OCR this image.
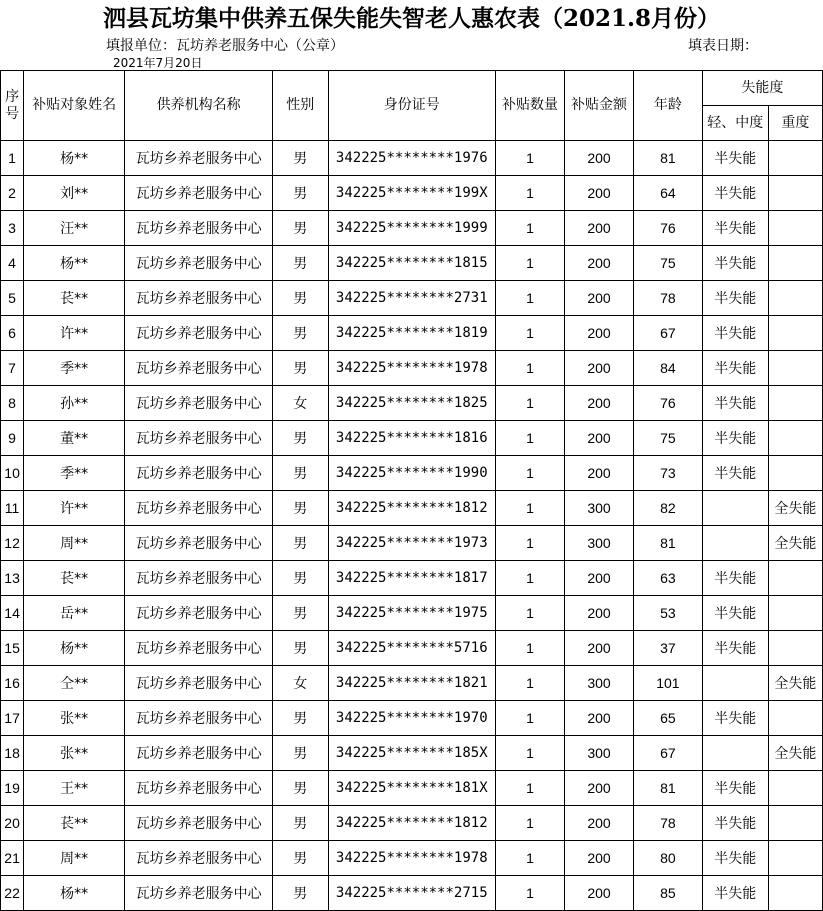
泗县瓦坊集中供养五保失能失智老人惠农表（2021.8月份）
填报单位：瓦坊养老服务中心（公章）	填表日期：
2021年7月20日
序号	补贴对象姓名	供养机构名称	性别	身份证号	补贴数量	补贴金额	年龄	失能度	
								轻、中度	重度
1	杨**	瓦坊乡养老服务中心	男	342225********1976	1	200	81	半失能	
2	刘**	瓦坊乡养老服务中心	男	342225********199X	1	200	64	半失能	
3	汪**	瓦坊乡养老服务中心	男	342225********1999	1	200	76	半失能	
4	杨**	瓦坊乡养老服务中心	男	342225********1815	1	200	75	半失能	
5	苌**	瓦坊乡养老服务中心	男	342225********2731	1	200	78	半失能	
6	许**	瓦坊乡养老服务中心	男	342225********1819	1	200	67	半失能	
7	季**	瓦坊乡养老服务中心	男	342225********1978	1	200	84	半失能	
8	孙**	瓦坊乡养老服务中心	女	342225********1825	1	200	76	半失能	
9	董**	瓦坊乡养老服务中心	男	342225********1816	1	200	75	半失能	
10	季**	瓦坊乡养老服务中心	男	342225********1990	1	200	73	半失能	
11	许**	瓦坊乡养老服务中心	男	342225********1812	1	300	82		全失能
12	周**	瓦坊乡养老服务中心	男	342225********1973	1	300	81		全失能
13	苌**	瓦坊乡养老服务中心	男	342225********1817	1	200	63	半失能	
14	岳**	瓦坊乡养老服务中心	男	342225********1975	1	200	53	半失能	
15	杨**	瓦坊乡养老服务中心	男	342225********5716	1	200	37	半失能	
16	仝**	瓦坊乡养老服务中心	女	342225********1821	1	300	101		全失能
17	张**	瓦坊乡养老服务中心	男	342225********1970	1	200	65	半失能	
18	张**	瓦坊乡养老服务中心	男	342225********185X	1	300	67		全失能
19	王**	瓦坊乡养老服务中心	男	342225********181X	1	200	81	半失能	
20	苌**	瓦坊乡养老服务中心	男	342225********1812	1	200	78	半失能	
21	周**	瓦坊乡养老服务中心	男	342225********1978	1	200	80	半失能	
22	杨**	瓦坊乡养老服务中心	男	342225********2715	1	200	85	半失能	
